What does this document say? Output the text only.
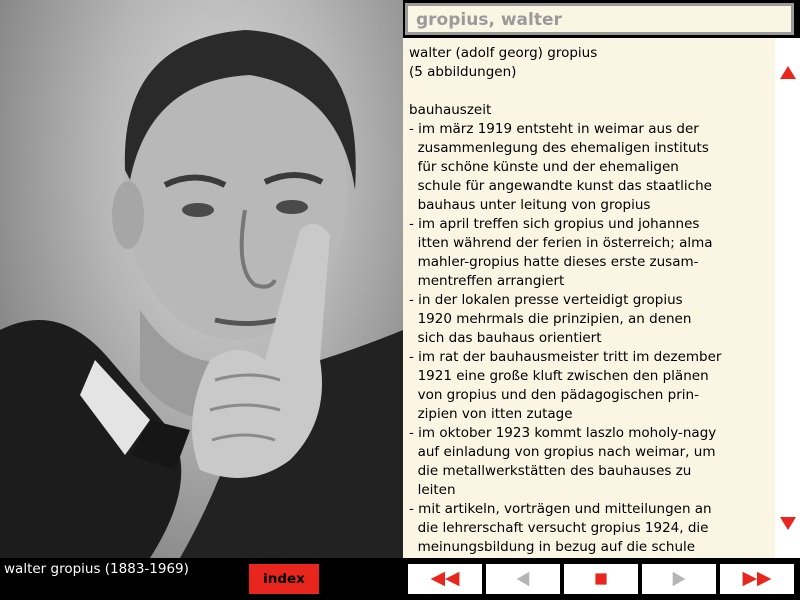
gropius, walter
walter (adolf georg) gropius
(5 abbildungen)
bauhauszeit
- im märz 1919 entsteht in weimar aus der
zusammenlegung des ehemaligen instituts
für schöne künste und der ehemaligen
schule für angewandte kunst das staatliche
bauhaus unter leitung von gropius
- im april treffen sich gropius und johannes
itten während der ferien in österreich; alma
mahler-gropius hatte dieses erste zusam-
mentreffen arrangiert
- in der lokalen presse verteidigt gropius
1920 mehrmals die prinzipien, an denen
sich das bauhaus orientiert
- im rat der bauhausmeister tritt im dezember
1921 eine große kluft zwischen den plänen
von gropius und den pädagogischen prin-
zipien von itten zutage
- im oktober 1923 kommt laszlo moholy-nagy
auf einladung von gropius nach weimar, um
die metallwerkstätten des bauhauses zu
leiten
- mit artikeln, vorträgen und mitteilungen an
die lehrerschaft versucht gropius 1924, die
meinungsbildung in bezug auf die schule
walter gropius (1883-1969)
index
